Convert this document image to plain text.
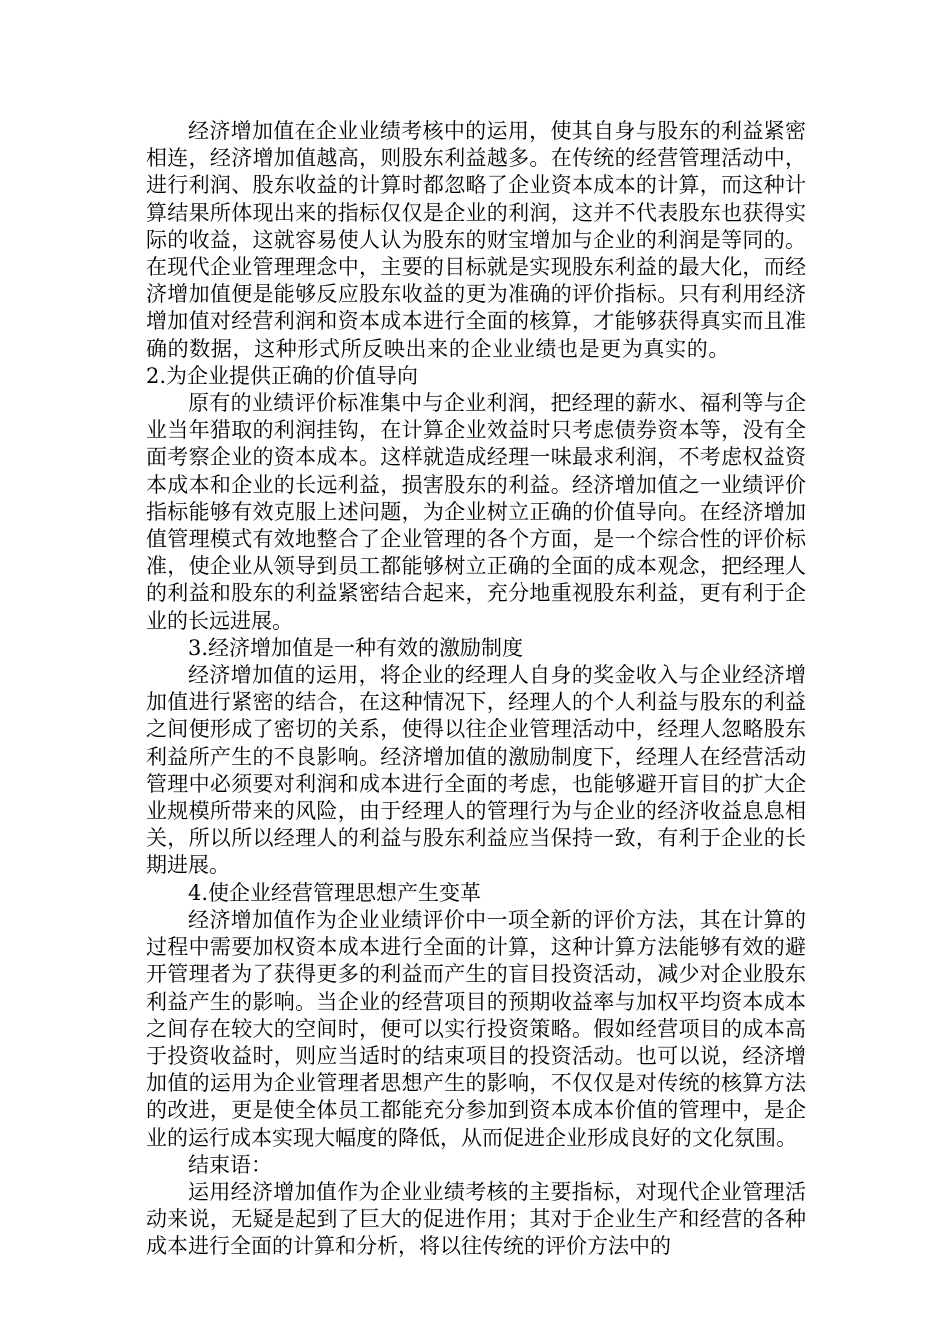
经济增加值在企业业绩考核中的运用，使其自身与股东的利益紧密相连，经济增加值越高，则股东利益越多。在传统的经营管理活动中，进行利润、股东收益的计算时都忽略了企业资本成本的计算，而这种计算结果所体现出来的指标仅仅是企业的利润，这并不代表股东也获得实际的收益，这就容易使人认为股东的财宝增加与企业的利润是等同的。在现代企业管理理念中，主要的目标就是实现股东利益的最大化，而经济增加值便是能够反应股东收益的更为准确的评价指标。只有利用经济增加值对经营利润和资本成本进行全面的核算，才能够获得真实而且准确的数据，这种形式所反映出来的企业业绩也是更为真实的。2.为企业提供正确的价值导向

原有的业绩评价标准集中与企业利润，把经理的薪水、福利等与企业当年猎取的利润挂钩，在计算企业效益时只考虑债券资本等，没有全面考察企业的资本成本。这样就造成经理一味最求利润，不考虑权益资本成本和企业的长远利益，损害股东的利益。经济增加值之一业绩评价指标能够有效克服上述问题，为企业树立正确的价值导向。在经济增加值管理模式有效地整合了企业管理的各个方面，是一个综合性的评价标准，使企业从领导到员工都能够树立正确的全面的成本观念，把经理人的利益和股东的利益紧密结合起来，充分地重视股东利益，更有利于企业的长远进展。

3.经济增加值是一种有效的激励制度

经济增加值的运用，将企业的经理人自身的奖金收入与企业经济增加值进行紧密的结合，在这种情况下，经理人的个人利益与股东的利益之间便形成了密切的关系，使得以往企业管理活动中，经理人忽略股东利益所产生的不良影响。经济增加值的激励制度下，经理人在经营活动管理中必须要对利润和成本进行全面的考虑，也能够避开盲目的扩大企业规模所带来的风险，由于经理人的管理行为与企业的经济收益息息相关，所以所以经理人的利益与股东利益应当保持一致，有利于企业的长期进展。

4.使企业经营管理思想产生变革

经济增加值作为企业业绩评价中一项全新的评价方法，其在计算的过程中需要加权资本成本进行全面的计算，这种计算方法能够有效的避开管理者为了获得更多的利益而产生的盲目投资活动，减少对企业股东利益产生的影响。当企业的经营项目的预期收益率与加权平均资本成本之间存在较大的空间时，便可以实行投资策略。假如经营项目的成本高于投资收益时，则应当适时的结束项目的投资活动。也可以说，经济增加值的运用为企业管理者思想产生的影响，不仅仅是对传统的核算方法的改进，更是使全体员工都能充分参加到资本成本价值的管理中，是企业的运行成本实现大幅度的降低，从而促进企业形成良好的文化氛围。

结束语：

运用经济增加值作为企业业绩考核的主要指标，对现代企业管理活动来说，无疑是起到了巨大的促进作用；其对于企业生产和经营的各种成本进行全面的计算和分析，将以往传统的评价方法中的
